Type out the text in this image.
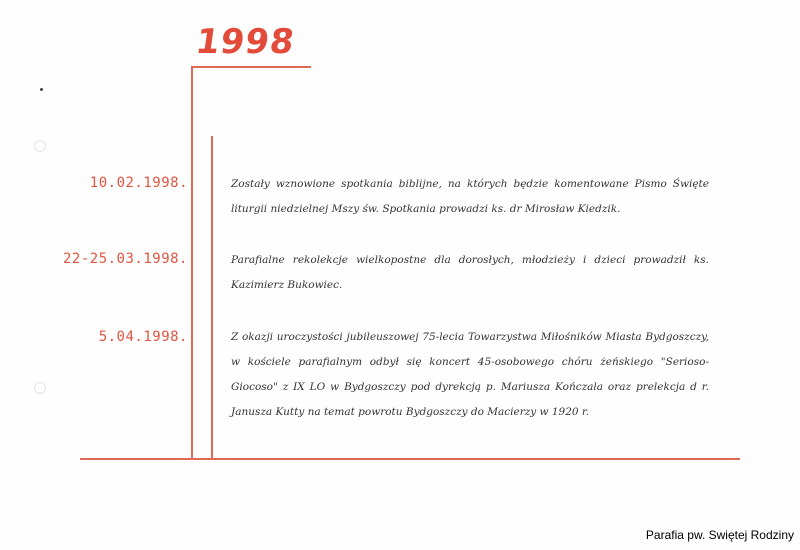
1998
10.02.1998.
22-25.03.1998.
5.04.1998.
Zostały wznowione spotkania biblijne, na których będzie komentowane Pismo Święte liturgii niedzielnej Mszy św. Spotkania prowadzi ks. dr Mirosław Kiedzik.
Parafialne rekolekcje wielkopostne dla dorosłych, młodzieży i dzieci prowadził ks. Kazimierz Bukowiec.
Z okazji uroczystości jubileuszowej 75-lecia Towarzystwa Miłośników Miasta Bydgoszczy, w kościele parafialnym odbył się koncert 45-osobowego chóru żeńskiego "Serioso-Giocoso" z IX LO w Bydgoszczy pod dyrekcją p. Mariusza Kończala oraz prelekcja d r. Janusza Kutty na temat powrotu Bydgoszczy do Macierzy w 1920 r.
Parafia pw. Swiętej Rodziny
